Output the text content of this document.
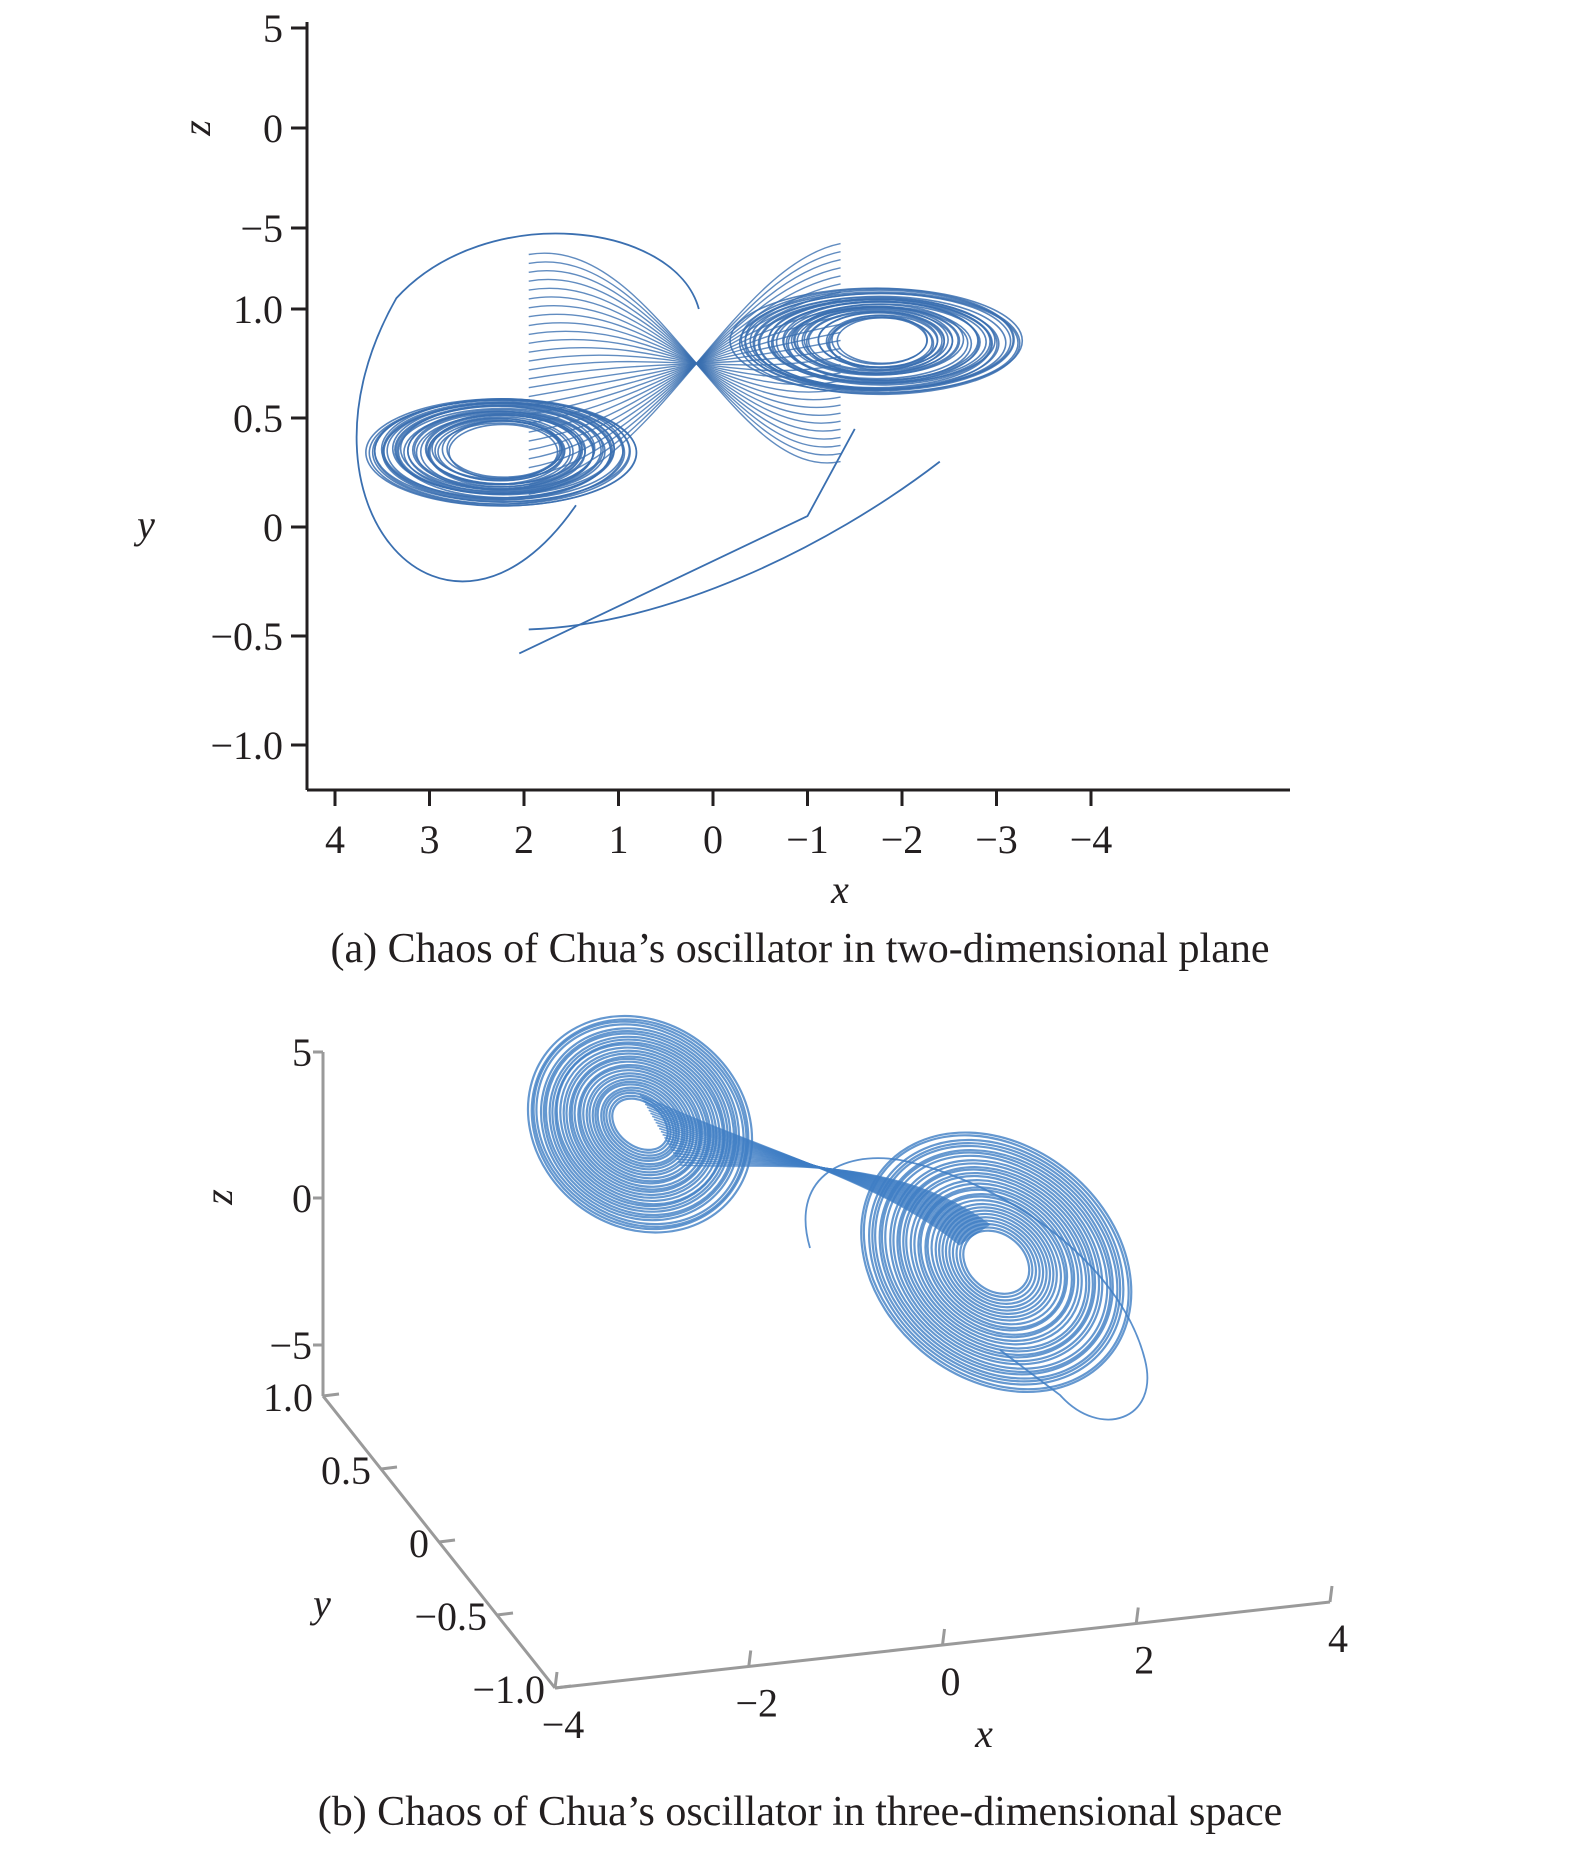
5
0
−5
1.0
0.5
0
−0.5
−1.0
4 3 2 1 0 −1 −2 −3 −4
z
y
x
(a) Chaos of Chua’s oscillator in two-dimensional plane
5
0
−5
1.0
0.5
0
−0.5
−1.0
−4	−2	0	2	4
z
y
x
(b) Chaos of Chua’s oscillator in three-dimensional space
